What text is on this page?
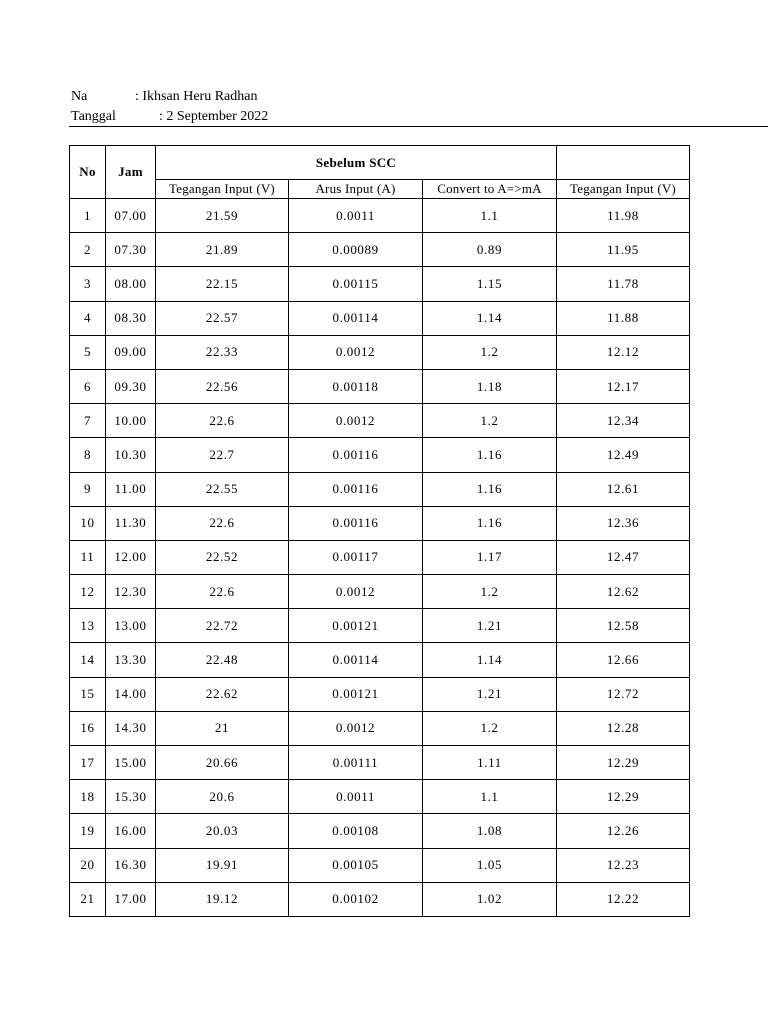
Na	: Ikhsan Heru Radhan
Tanggal	: 2 September 2022
No	Jam	Sebelum SCC			
		Tegangan Input (V)	Arus Input (A)	Convert to A=>mA	Tegangan Input (V)
1	07.00	21.59	0.0011	1.1	11.98
2	07.30	21.89	0.00089	0.89	11.95
3	08.00	22.15	0.00115	1.15	11.78
4	08.30	22.57	0.00114	1.14	11.88
5	09.00	22.33	0.0012	1.2	12.12
6	09.30	22.56	0.00118	1.18	12.17
7	10.00	22.6	0.0012	1.2	12.34
8	10.30	22.7	0.00116	1.16	12.49
9	11.00	22.55	0.00116	1.16	12.61
10	11.30	22.6	0.00116	1.16	12.36
11	12.00	22.52	0.00117	1.17	12.47
12	12.30	22.6	0.0012	1.2	12.62
13	13.00	22.72	0.00121	1.21	12.58
14	13.30	22.48	0.00114	1.14	12.66
15	14.00	22.62	0.00121	1.21	12.72
16	14.30	21	0.0012	1.2	12.28
17	15.00	20.66	0.00111	1.11	12.29
18	15.30	20.6	0.0011	1.1	12.29
19	16.00	20.03	0.00108	1.08	12.26
20	16.30	19.91	0.00105	1.05	12.23
21	17.00	19.12	0.00102	1.02	12.22
